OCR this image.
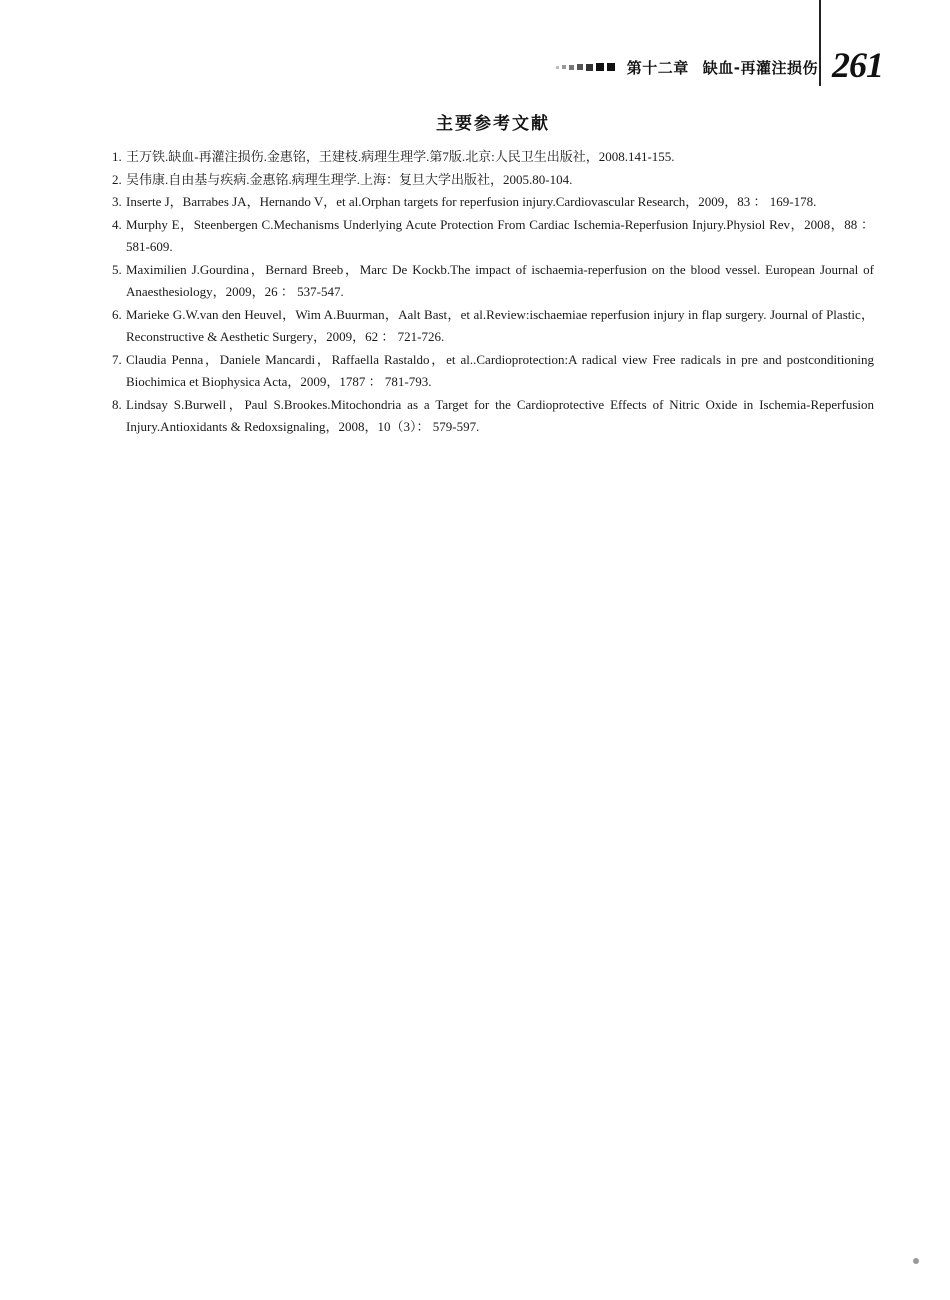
第十二章 缺血-再灌注损伤 261
主要参考文献
1. 王万铁.缺血-再灌注损伤.金惠铭，王建枝.病理生理学.第7版.北京:人民卫生出版社，2008.141-155.
2. 吴伟康.自由基与疾病.金惠铭.病理生理学.上海：复旦大学出版社，2005.80-104.
3. Inserte J，Barrabes JA，Hernando V，et al.Orphan targets for reperfusion injury.Cardiovascular Research，2009，83 ： 169-178.
4. Murphy E，Steenbergen C.Mechanisms Underlying Acute Protection From Cardiac Ischemia-Reperfusion Injury.Physiol Rev，2008，88 ： 581-609.
5. Maximilien J.Gourdina，Bernard Breeb，Marc De Kockb.The impact of ischaemia-reperfusion on the blood vessel. European Journal of Anaesthesiology，2009，26 ： 537-547.
6. Marieke G.W.van den Heuvel，Wim A.Buurman，Aalt Bast，et al.Review:ischaemiae reperfusion injury in flap surgery. Journal of Plastic，Reconstructive & Aesthetic Surgery，2009，62 ： 721-726.
7. Claudia Penna，Daniele Mancardi，Raffaella Rastaldo，et al..Cardioprotection:A radical view Free radicals in pre and postconditioning Biochimica et Biophysica Acta，2009，1787 ： 781-793.
8. Lindsay S.Burwell，Paul S.Brookes.Mitochondria as a Target for the Cardioprotective Effects of Nitric Oxide in Ischemia-Reperfusion Injury.Antioxidants & Redoxsignaling，2008，10（3）： 579-597.
